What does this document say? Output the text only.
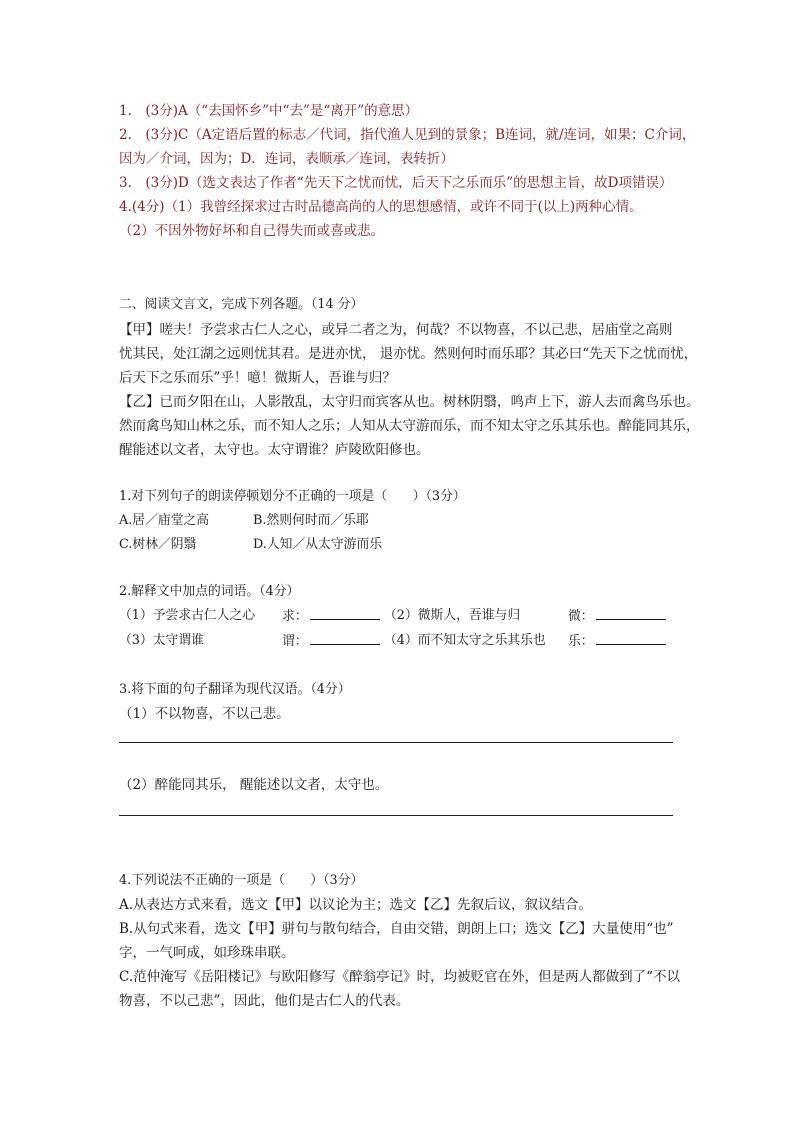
1.　(3分)A（“去国怀乡”中“去”是“离开”的意思）
2.　(3分)C（A定语后置的标志／代词，指代渔人见到的景象；B连词，就/连词，如果；C介词，
因为／介词，因为；D．连词，表顺承／连词，表转折）
3.　(3分)D（选文表达了作者“先天下之忧而忧，后天下之乐而乐”的思想主旨，故D项错误）
4.(4分)（1）我曾经探求过古时品德高尚的人的思想感情，或许不同于(以上)两种心情。
（2）不因外物好坏和自己得失而或喜或悲。
二、阅读文言文，完成下列各题。（14 分）
【甲】嗟夫！予尝求古仁人之心，或异二者之为，何哉？不以物喜，不以己悲，居庙堂之高则
忧其民，处江湖之远则忧其君。是进亦忧， 退亦忧。然则何时而乐耶？其必曰“先天下之忧而忧，
后天下之乐而乐”乎！噫！微斯人，吾谁与归？
【乙】已而夕阳在山，人影散乱，太守归而宾客从也。树林阴翳，鸣声上下，游人去而禽鸟乐也。
然而禽鸟知山林之乐，而不知人之乐；人知从太守游而乐，而不知太守之乐其乐也。醉能同其乐，
醒能述以文者，太守也。太守谓谁？庐陵欧阳修也。
1.对下列句子的朗读停顿划分不正确的一项是（　　）（3分）
A.居／庙堂之高	B.然则何时而／乐耶
C.树林／阴翳	D.人知／从太守游而乐
2.解释文中加点的词语。（4分）
（1）予尝求古仁人之心 求：	（2）微斯人，吾谁与归	微：
（3）太守谓谁	谓：	（4）而不知太守之乐其乐也 乐：
3.将下面的句子翻译为现代汉语。（4分）
（1）不以物喜，不以己悲。
（2）醉能同其乐， 醒能述以文者，太守也。
4.下列说法不正确的一项是（　　）（3分）
A.从表达方式来看，选文【甲】以议论为主；选文【乙】先叙后议，叙议结合。
B.从句式来看，选文【甲】骈句与散句结合，自由交错，朗朗上口；选文【乙】大量使用“也”
字，一气呵成，如珍珠串联。
C.范仲淹写《岳阳楼记》与欧阳修写《醉翁亭记》时，均被贬官在外，但是两人都做到了“不以
物喜，不以己悲”，因此，他们是古仁人的代表。
